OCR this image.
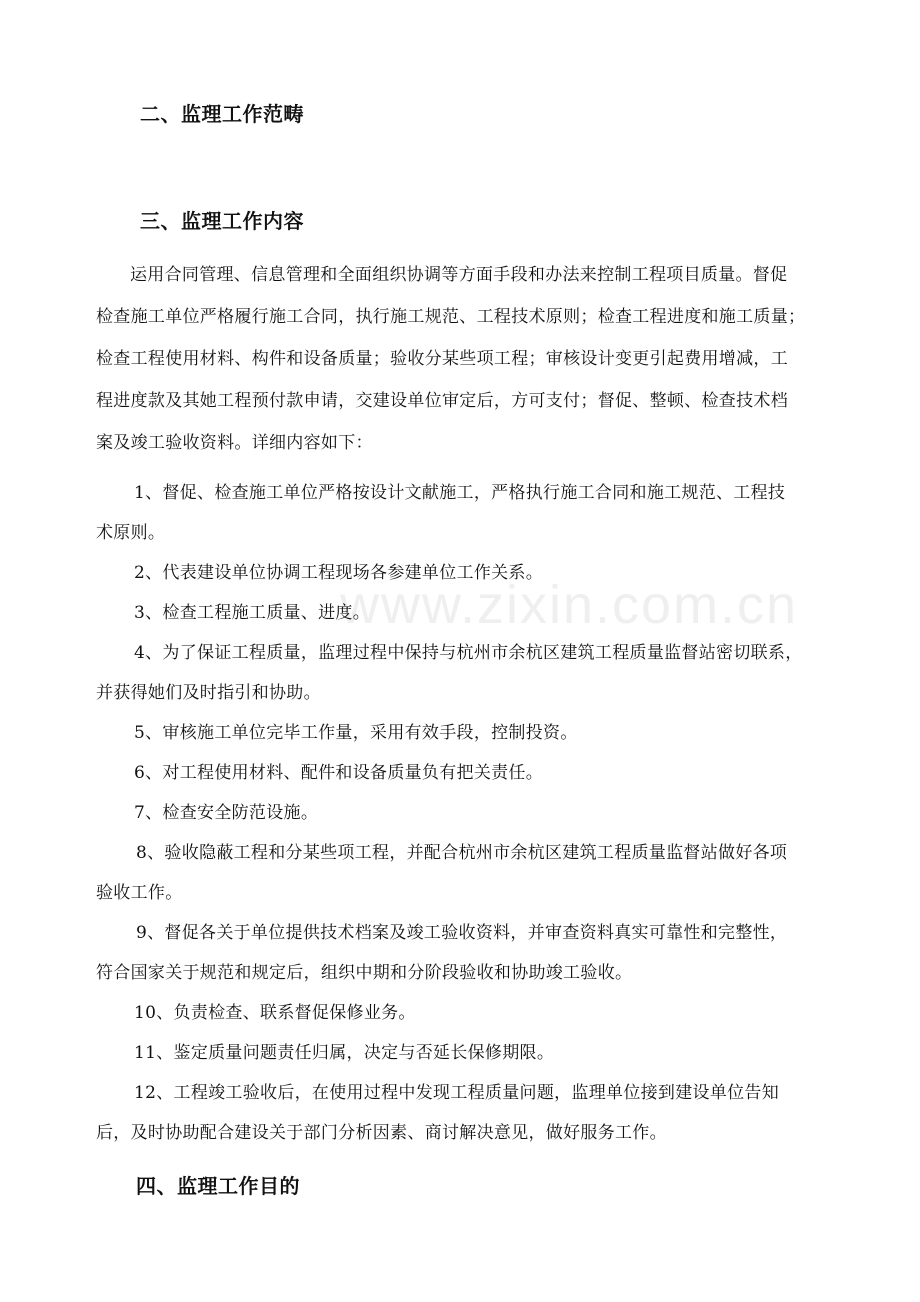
www.zixin.com.cn
二、监理工作范畴
三、监理工作内容
运用合同管理、信息管理和全面组织协调等方面手段和办法来控制工程项目质量。督促
检查施工单位严格履行施工合同，执行施工规范、工程技术原则；检查工程进度和施工质量；
检查工程使用材料、构件和设备质量；验收分某些项工程；审核设计变更引起费用增减，工
程进度款及其她工程预付款申请，交建设单位审定后，方可支付；督促、整顿、检查技术档
案及竣工验收资料。详细内容如下：
1、督促、检查施工单位严格按设计文献施工，严格执行施工合同和施工规范、工程技
术原则。
2、代表建设单位协调工程现场各参建单位工作关系。
3、检查工程施工质量、进度。
4、为了保证工程质量，监理过程中保持与杭州市余杭区建筑工程质量监督站密切联系，
并获得她们及时指引和协助。
5、审核施工单位完毕工作量，采用有效手段，控制投资。
6、对工程使用材料、配件和设备质量负有把关责任。
7、检查安全防范设施。
8、验收隐蔽工程和分某些项工程，并配合杭州市余杭区建筑工程质量监督站做好各项
验收工作。
9、督促各关于单位提供技术档案及竣工验收资料，并审查资料真实可靠性和完整性，
符合国家关于规范和规定后，组织中期和分阶段验收和协助竣工验收。
10、负责检查、联系督促保修业务。
11、鉴定质量问题责任归属，决定与否延长保修期限。
12、工程竣工验收后，在使用过程中发现工程质量问题，监理单位接到建设单位告知
后，及时协助配合建设关于部门分析因素、商讨解决意见，做好服务工作。
四、监理工作目的
